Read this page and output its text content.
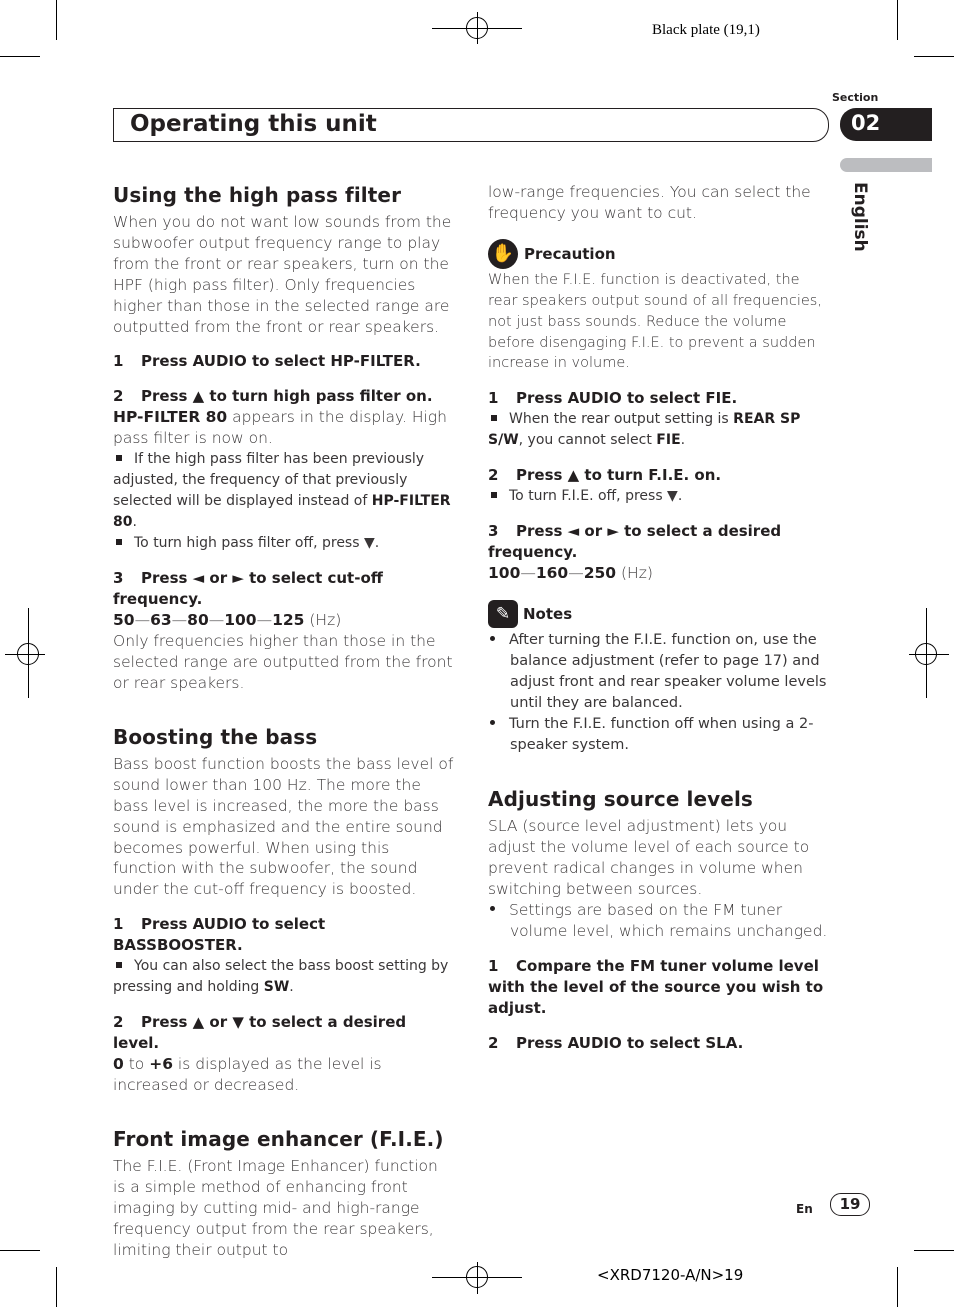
Black plate (19,1)
Section
Operating this unit	02
English
Using the high pass filter

When you do not want low sounds from the subwoofer output frequency range to play from the front or rear speakers, turn on the HPF (high pass filter). Only frequencies higher than those in the selected range are outputted from the front or rear speakers.

1 Press AUDIO to select HP-FILTER.

2 Press ▲ to turn high pass filter on.

HP-FILTER 80 appears in the display. High pass filter is now on.

If the high pass filter has been previously adjusted, the frequency of that previously selected will be displayed instead of HP-FILTER 80.

To turn high pass filter off, press ▼.

3 Press ◄ or ► to select cut-off frequency.

50—63—80—100—125 (Hz)

Only frequencies higher than those in the selected range are outputted from the front or rear speakers.

Boosting the bass

Bass boost function boosts the bass level of sound lower than 100 Hz. The more the bass level is increased, the more the bass sound is emphasized and the entire sound becomes powerful. When using this function with the subwoofer, the sound under the cut-off frequency is boosted.

1 Press AUDIO to select BASSBOOSTER.

You can also select the bass boost setting by pressing and holding SW.

2 Press ▲ or ▼ to select a desired level.

0 to +6 is displayed as the level is increased or decreased.

Front image enhancer (F.I.E.)

The F.I.E. (Front Image Enhancer) function is a simple method of enhancing front imaging by cutting mid- and high-range frequency output from the rear speakers, limiting their output to

low-range frequencies. You can select the frequency you want to cut.

✋ Precaution

When the F.I.E. function is deactivated, the rear speakers output sound of all frequencies, not just bass sounds. Reduce the volume before disengaging F.I.E. to prevent a sudden increase in volume.

1 Press AUDIO to select FIE.

When the rear output setting is REAR SP S/W, you cannot select FIE.

2 Press ▲ to turn F.I.E. on.

To turn F.I.E. off, press ▼.

3 Press ◄ or ► to select a desired frequency.

100—160—250 (Hz)

✎ Notes

After turning the F.I.E. function on, use the balance adjustment (refer to page 17) and adjust front and rear speaker volume levels until they are balanced.

Turn the F.I.E. function off when using a 2-speaker system.

Adjusting source levels

SLA (source level adjustment) lets you adjust the volume level of each source to prevent radical changes in volume when switching between sources.

Settings are based on the FM tuner volume level, which remains unchanged.

1 Compare the FM tuner volume level with the level of the source you wish to adjust.

2 Press AUDIO to select SLA.

En	19
<XRD7120-A/N>19
